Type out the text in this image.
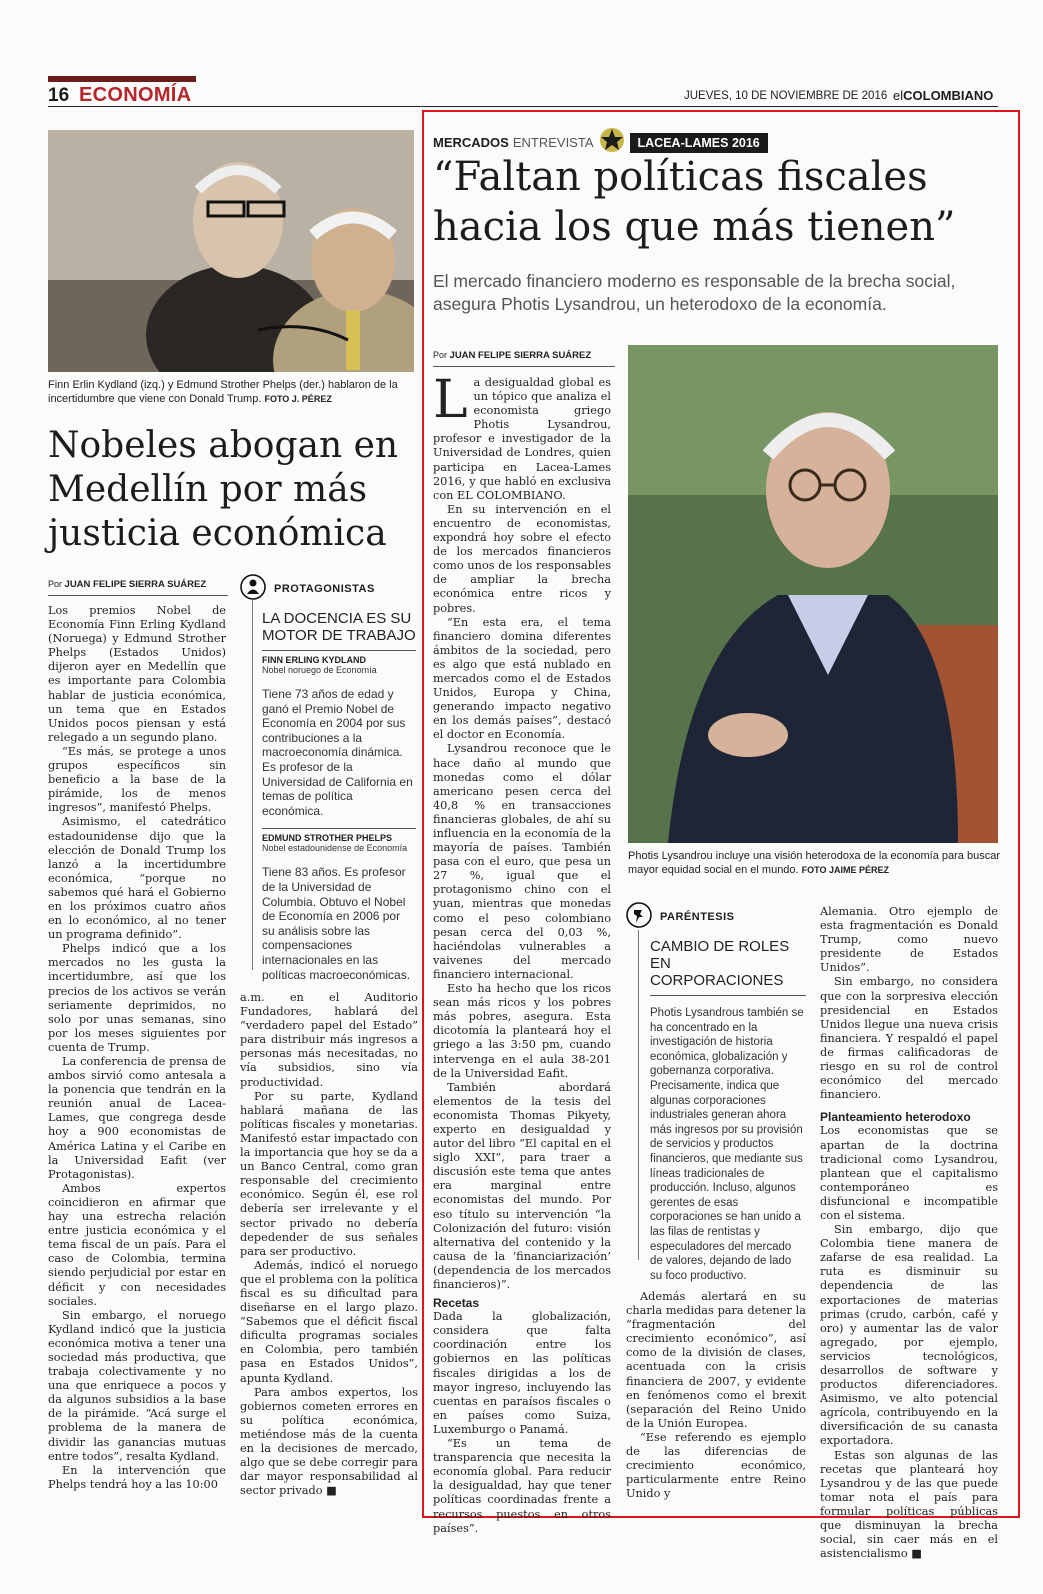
16 ECONOMÍA	JUEVES, 10 DE NOVIEMBRE DE 2016 elCOLOMBIANO
Finn Erlin Kydland (izq.) y Edmund Strother Phelps (der.) hablaron de la incertidumbre que viene con Donald Trump. FOTO J. PÉREZ
Nobeles abogan en
Medellín por más
justicia económica
Por JUAN FELIPE SIERRA SUÁREZ

Los premios Nobel de Economía Finn Erling Kydland (Noruega) y Edmund Strother Phelps (Estados Unidos) dijeron ayer en Medellín que es importante para Colombia hablar de justicia económica, un tema que en Estados Unidos pocos piensan y está relegado a un segundo plano.

“Es más, se protege a unos grupos específicos sin beneficio a la base de la pirámide, los de menos ingresos”, manifestó Phelps.

Asimismo, el catedrático estadounidense dijo que la elección de Donald Trump los lanzó a la incertidumbre económica, “porque no sabemos qué hará el Gobierno en los próximos cuatro años en lo económico, al no tener un programa definido”.

Phelps indicó que a los mercados no les gusta la incertidumbre, así que los precios de los activos se verán seriamente deprimidos, no solo por unas semanas, sino por los meses siguientes por cuenta de Trump.

La conferencia de prensa de ambos sirvió como antesala a la ponencia que tendrán en la reunión anual de Lacea-Lames, que congrega desde hoy a 900 economistas de América Latina y el Caribe en la Universidad Eafit (ver Protagonistas).

Ambos expertos coincidieron en afirmar que hay una estrecha relación entre justicia económica y el tema fiscal de un país. Para el caso de Colombia, termina siendo perjudicial por estar en déficit y con necesidades sociales.

Sin embargo, el noruego Kydland indicó que la justicia económica motiva a tener una sociedad más productiva, que trabaja colectivamente y no una que enriquece a pocos y da algunos subsidios a la base de la pirámide. “Acá surge el problema de la manera de dividir las ganancias mutuas entre todos”, resalta Kydland.

En la intervención que Phelps tendrá hoy a las 10:00

PROTAGONISTAS
LA DOCENCIA ES SU MOTOR DE TRABAJO
FINN ERLING KYDLAND
Nobel noruego de Economía
Tiene 73 años de edad y ganó el Premio Nobel de Economía en 2004 por sus contribuciones a la macroeconomía dinámica. Es profesor de la Universidad de California en temas de política económica.
EDMUND STROTHER PHELPS
Nobel estadounidense de Economía
Tiene 83 años. Es profesor de la Universidad de Columbia. Obtuvo el Nobel de Economía en 2006 por su análisis sobre las compensaciones internacionales en las políticas macroeconómicas.

a.m. en el Auditorio Fundadores, hablará del “verdadero papel del Estado” para distribuir más ingresos a personas más necesitadas, no vía subsidios, sino vía productividad.

Por su parte, Kydland hablará mañana de las políticas fiscales y monetarias. Manifestó estar impactado con la importancia que hoy se da a un Banco Central, como gran responsable del crecimiento económico. Según él, ese rol debería ser irrelevante y el sector privado no debería depedender de sus señales para ser productivo.

Además, indicó el noruego que el problema con la política fiscal es su dificultad para diseñarse en el largo plazo. “Sabemos que el déficit fiscal dificulta programas sociales en Colombia, pero también pasa en Estados Unidos”, apunta Kydland.

Para ambos expertos, los gobiernos cometen errores en su política económica, metiéndose más de la cuenta en la decisiones de mercado, algo que se debe corregir para dar mayor responsabilidad al sector privado ■

MERCADOS ENTREVISTA	LACEA-LAMES 2016
“Faltan políticas fiscales
hacia los que más tienen”
El mercado financiero moderno es responsable de la brecha social, asegura Photis Lysandrou, un heterodoxo de la economía.
Por JUAN FELIPE SIERRA SUÁREZ
Photis Lysandrou incluye una visión heterodoxa de la economía para buscar mayor equidad social en el mundo. FOTO JAIME PÉREZ

La desigualdad global es un tópico que analiza el economista griego Photis Lysandrou, profesor e investigador de la Universidad de Londres, quien participa en Lacea-Lames 2016, y que habló en exclusiva con EL COLOMBIANO.

En su intervención en el encuentro de economistas, expondrá hoy sobre el efecto de los mercados financieros como unos de los responsables de ampliar la brecha económica entre ricos y pobres.

“En esta era, el tema financiero domina diferentes ámbitos de la sociedad, pero es algo que está nublado en mercados como el de Estados Unidos, Europa y China, generando impacto negativo en los demás países”, destacó el doctor en Economía.

Lysandrou reconoce que le hace daño al mundo que monedas como el dólar americano pesen cerca del 40,8 % en transacciones financieras globales, de ahí su influencia en la economía de la mayoría de países. También pasa con el euro, que pesa un 27 %, igual que el protagonismo chino con el yuan, mientras que monedas como el peso colombiano pesan cerca del 0,03 %, haciéndolas vulnerables a vaivenes del mercado financiero internacional.

Esto ha hecho que los ricos sean más ricos y los pobres más pobres, asegura. Esta dicotomía la planteará hoy el griego a las 3:50 pm, cuando intervenga en el aula 38-201 de la Universidad Eafit.

También abordará elementos de la tesis del economista Thomas Pikyety, experto en desigualdad y autor del libro “El capital en el siglo XXI”, para traer a discusión este tema que antes era marginal entre economistas del mundo. Por eso título su intervención “la Colonización del futuro: visión alternativa del contenido y la causa de la ‘financiarización’ (dependencia de los mercados financieros)”.

Recetas

Dada la globalización, considera que falta coordinación entre los gobiernos en las políticas fiscales dirigidas a los de mayor ingreso, incluyendo las cuentas en paraísos fiscales o en países como Suiza, Luxemburgo o Panamá.

“Es un tema de transparencia que necesita la economía global. Para reducir la desigualdad, hay que tener políticas coordinadas frente a recursos puestos en otros países”.

PARÉNTESIS
CAMBIO DE ROLES EN CORPORACIONES
Photis Lysandrous también se ha concentrado en la investigación de historia económica, globalización y gobernanza corporativa. Precisamente, indica que algunas corporaciones industriales generan ahora más ingresos por su provisión de servicios y productos financieros, que mediante sus líneas tradicionales de producción. Incluso, algunos gerentes de esas corporaciones se han unido a las filas de rentistas y especuladores del mercado de valores, dejando de lado su foco productivo.

Además alertará en su charla medidas para detener la “fragmentación del crecimiento económico”, así como de la división de clases, acentuada con la crisis financiera de 2007, y evidente en fenómenos como el brexit (separación del Reino Unido de la Unión Europea.

“Ese referendo es ejemplo de las diferencias de crecimiento económico, particularmente entre Reino Unido y

Alemania. Otro ejemplo de esta fragmentación es Donald Trump, como nuevo presidente de Estados Unidos”.

Sin embargo, no considera que con la sorpresiva elección presidencial en Estados Unidos llegue una nueva crisis financiera. Y respaldó el papel de firmas calificadoras de riesgo en su rol de control económico del mercado financiero.

Planteamiento heterodoxo

Los economistas que se apartan de la doctrina tradicional como Lysandrou, plantean que el capitalismo contemporáneo es disfuncional e incompatible con el sistema.

Sin embargo, dijo que Colombia tiene manera de zafarse de esa realidad. La ruta es disminuir su dependencia de las exportaciones de materias primas (crudo, carbón, café y oro) y aumentar las de valor agregado, por ejemplo, servicios tecnológicos, desarrollos de software y productos diferenciadores. Asimismo, ve alto potencial agrícola, contribuyendo en la diversificación de su canasta exportadora.

Estas son algunas de las recetas que planteará hoy Lysandrou y de las que puede tomar nota el país para formular políticas públicas que disminuyan la brecha social, sin caer más en el asistencialismo ■
